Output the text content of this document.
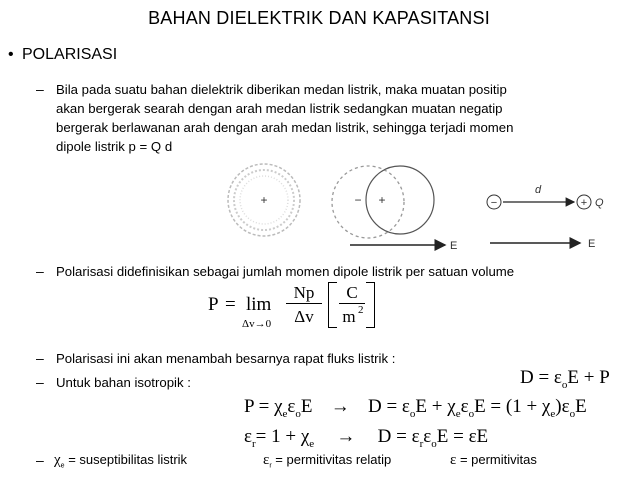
BAHAN DIELEKTRIK DAN KAPASITANSI
• POLARISASI
– Bila pada suatu bahan dielektrik diberikan medan listrik, maka muatan positip
akan bergerak searah dengan arah medan listrik sedangkan muatan negatip
bergerak berlawanan arah dengan arah medan listrik, sehingga terjadi momen
dipole listrik p = Q d
+	− +
E
−	+ Q
d
E
– Polarisasi didefinisikan sebagai jumlah momen dipole listrik per satuan volume
P = lim
Δv→0
Np
Δv
C
m 2
– Polarisasi ini akan menambah besarnya rapat fluks listrik :
$D = \varepsilon_oE + P$
– Untuk bahan isotropik :
$P = \chi_e\varepsilon_oE \to D = \varepsilon_oE + \chi_e\varepsilon_oE = (1 + \chi_e)\varepsilon_oE$
$\varepsilon_r= 1 + \chi_e \to D = \varepsilon_r\varepsilon_oE = \varepsilon E$
– $\chi_e$ = suseptibilitas listrik	$\varepsilon_r$ = permitivitas relatip	ε = permitivitas
